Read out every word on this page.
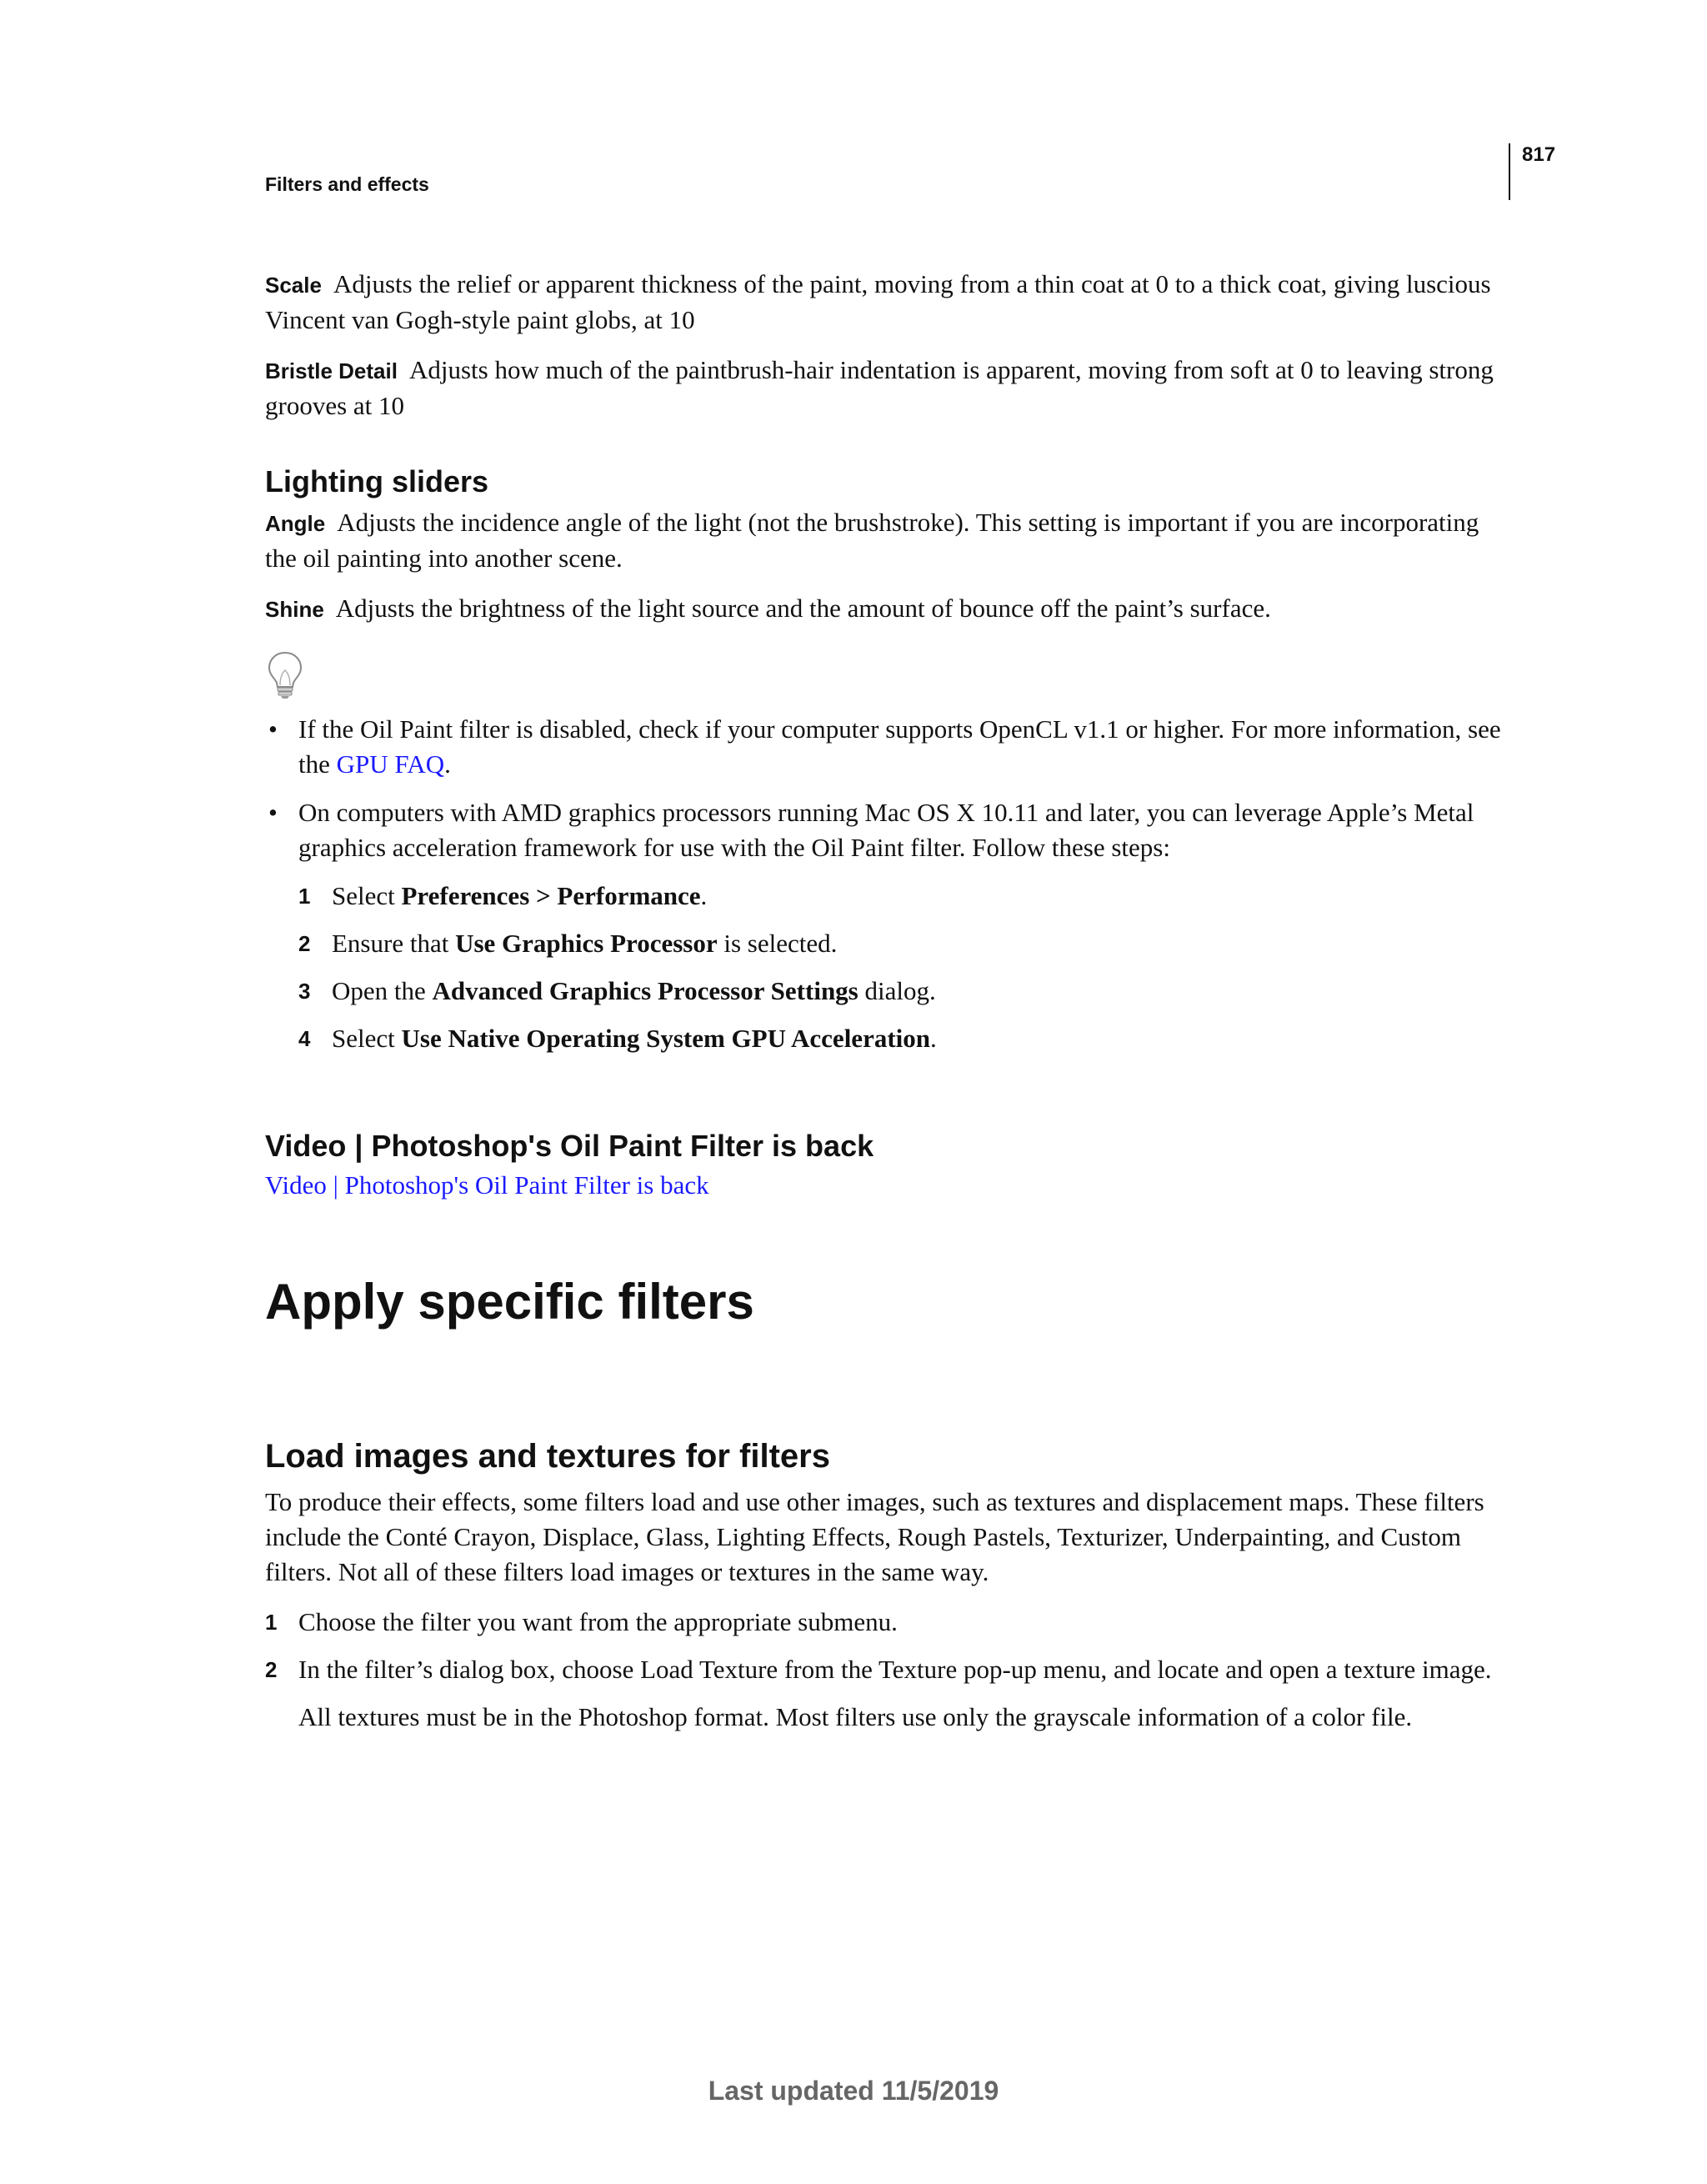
Filters and effects
817

Scale Adjusts the relief or apparent thickness of the paint, moving from a thin coat at 0 to a thick coat, giving luscious Vincent van Gogh-style paint globs, at 10

Bristle Detail Adjusts how much of the paintbrush-hair indentation is apparent, moving from soft at 0 to leaving strong grooves at 10

Lighting sliders

Angle Adjusts the incidence angle of the light (not the brushstroke). This setting is important if you are incorporating the oil painting into another scene.

Shine Adjusts the brightness of the light source and the amount of bounce off the paint’s surface.

• If the Oil Paint filter is disabled, check if your computer supports OpenCL v1.1 or higher. For more information, see the GPU FAQ.
• On computers with AMD graphics processors running Mac OS X 10.11 and later, you can leverage Apple’s Metal graphics acceleration framework for use with the Oil Paint filter. Follow these steps:
1 Select Preferences > Performance.
2 Ensure that Use Graphics Processor is selected.
3 Open the Advanced Graphics Processor Settings dialog.
4 Select Use Native Operating System GPU Acceleration.
Video | Photoshop's Oil Paint Filter is back
Video | Photoshop's Oil Paint Filter is back
Apply specific filters
Load images and textures for filters

To produce their effects, some filters load and use other images, such as textures and displacement maps. These filters include the Conté Crayon, Displace, Glass, Lighting Effects, Rough Pastels, Texturizer, Underpainting, and Custom filters. Not all of these filters load images or textures in the same way.

1 Choose the filter you want from the appropriate submenu.
2 In the filter’s dialog box, choose Load Texture from the Texture pop-up menu, and locate and open a texture image.

All textures must be in the Photoshop format. Most filters use only the grayscale information of a color file.

Last updated 11/5/2019
